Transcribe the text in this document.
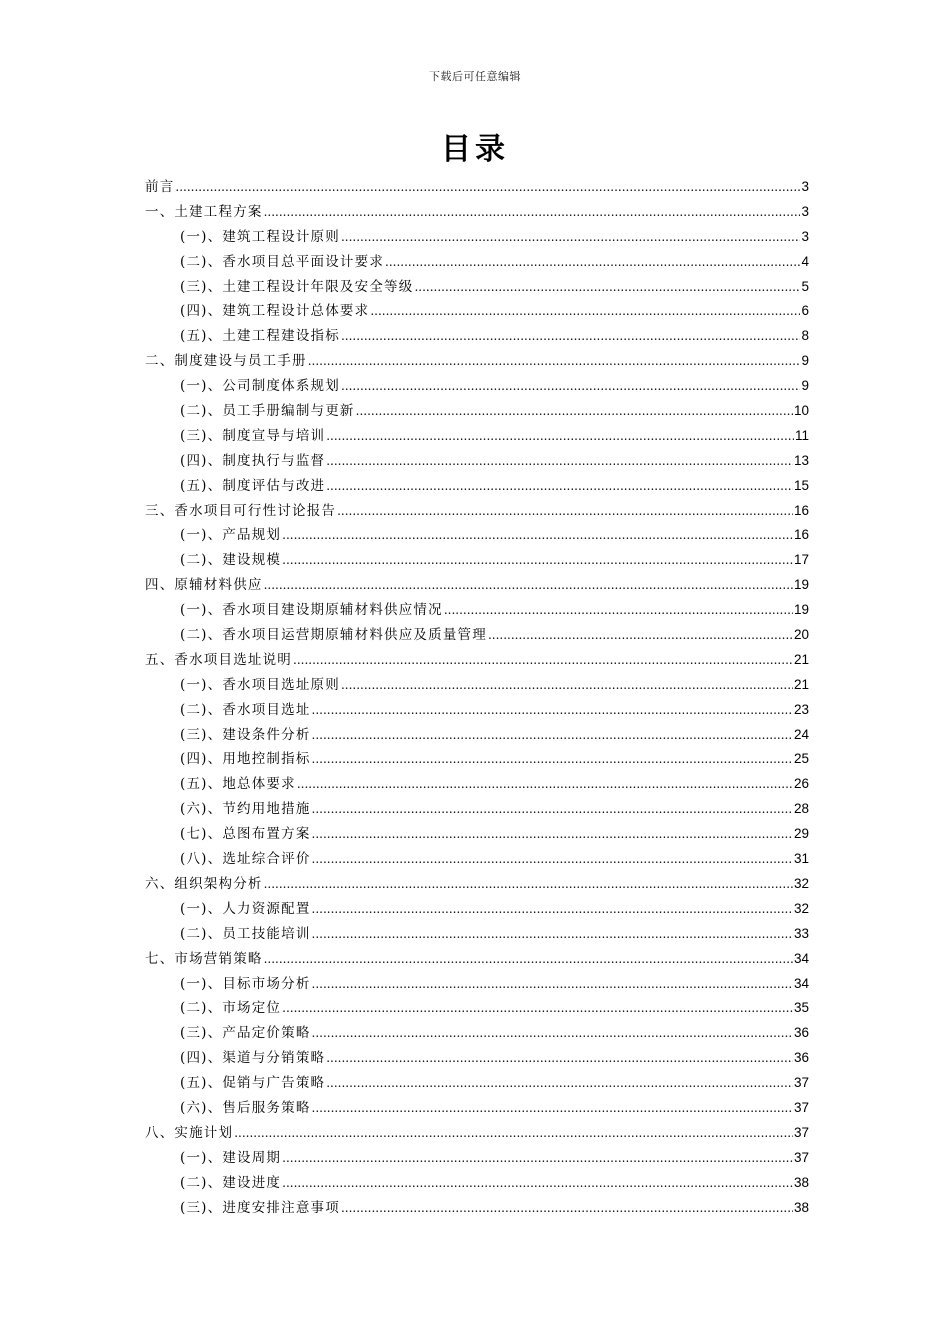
下载后可任意编辑
目录
前言 .....	3
一、土建工程方案 .....	3
(一)、建筑工程设计原则 .....	3
(二)、香水项目总平面设计要求 .....	4
(三)、土建工程设计年限及安全等级 .....	5
(四)、建筑工程设计总体要求 .....	6
(五)、土建工程建设指标 .....	8
二、制度建设与员工手册 .....	9
(一)、公司制度体系规划 .....	9
(二)、员工手册编制与更新 .....	10
(三)、制度宣导与培训 .....	11
(四)、制度执行与监督 .....	13
(五)、制度评估与改进 .....	15
三、香水项目可行性讨论报告 .....	16
(一)、产品规划 .....	16
(二)、建设规模 .....	17
四、原辅材料供应 .....	19
(一)、香水项目建设期原辅材料供应情况 .....	19
(二)、香水项目运营期原辅材料供应及质量管理 .....	20
五、香水项目选址说明 .....	21
(一)、香水项目选址原则 .....	21
(二)、香水项目选址 .....	23
(三)、建设条件分析 .....	24
(四)、用地控制指标 .....	25
(五)、地总体要求 .....	26
(六)、节约用地措施 .....	28
(七)、总图布置方案 .....	29
(八)、选址综合评价 .....	31
六、组织架构分析 .....	32
(一)、人力资源配置 .....	32
(二)、员工技能培训 .....	33
七、市场营销策略 .....	34
(一)、目标市场分析 .....	34
(二)、市场定位 .....	35
(三)、产品定价策略 .....	36
(四)、渠道与分销策略 .....	36
(五)、促销与广告策略 .....	37
(六)、售后服务策略 .....	37
八、实施计划 .....	37
(一)、建设周期 .....	37
(二)、建设进度 .....	38
(三)、进度安排注意事项 .....	38
